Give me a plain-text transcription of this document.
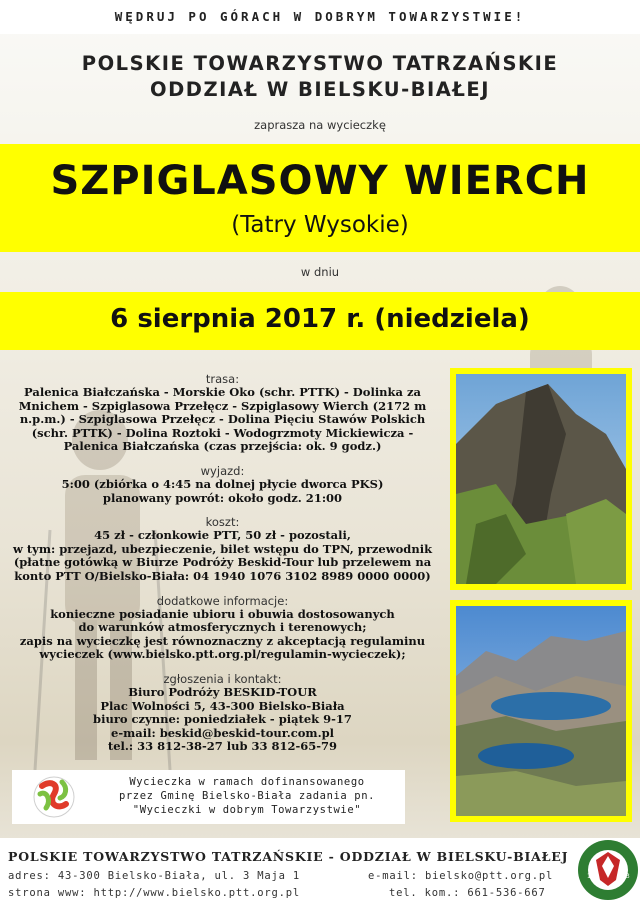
WĘDRUJ PO GÓRACH W DOBRYM TOWARZYSTWIE!
POLSKIE TOWARZYSTWO TATRZAŃSKIE
ODDZIAŁ W BIELSKU-BIAŁEJ
zaprasza na wycieczkę
SZPIGLASOWY WIERCH
(Tatry Wysokie)
w dniu
6 sierpnia 2017 r. (niedziela)
trasa:
Palenica Białczańska - Morskie Oko (schr. PTTK) - Dolinka za
Mnichem - Szpiglasowa Przełęcz - Szpiglasowy Wierch (2172 m
n.p.m.) - Szpiglasowa Przełęcz - Dolina Pięciu Stawów Polskich
(schr. PTTK) - Dolina Roztoki - Wodogrzmoty Mickiewicza -
Palenica Białczańska (czas przejścia: ok. 9 godz.)
wyjazd:
5:00 (zbiórka o 4:45 na dolnej płycie dworca PKS)
planowany powrót: około godz. 21:00
koszt:
45 zł - członkowie PTT, 50 zł - pozostali,
w tym: przejazd, ubezpieczenie, bilet wstępu do TPN, przewodnik
(płatne gotówką w Biurze Podróży Beskid-Tour lub przelewem na
konto PTT O/Bielsko-Biała: 04 1940 1076 3102 8989 0000 0000)
dodatkowe informacje:
konieczne posiadanie ubioru i obuwia dostosowanych
do warunków atmosferycznych i terenowych;
zapis na wycieczkę jest równoznaczny z akceptacją regulaminu
wycieczek (www.bielsko.ptt.org.pl/regulamin-wycieczek);
zgłoszenia i kontakt:
Biuro Podróży BESKID-TOUR
Plac Wolności 5, 43-300 Bielsko-Biała
biuro czynne: poniedziałek - piątek 9-17
e-mail: beskid@beskid-tour.com.pl
tel.: 33 812-38-27 lub 33 812-65-79
Wycieczka w ramach dofinansowanego
przez Gminę Bielsko-Biała zadania pn.
"Wycieczki w dobrym Towarzystwie"
POLSKIE TOWARZYSTWO TATRZAŃSKIE - ODDZIAŁ W BIELSKU-BIAŁEJ
adres: 43-300 Bielsko-Biała, ul. 3 Maja 1
strona www: http://www.bielsko.ptt.org.pl
e-mail: bielsko@ptt.org.pl
tel. kom.: 661-536-667
18	73
